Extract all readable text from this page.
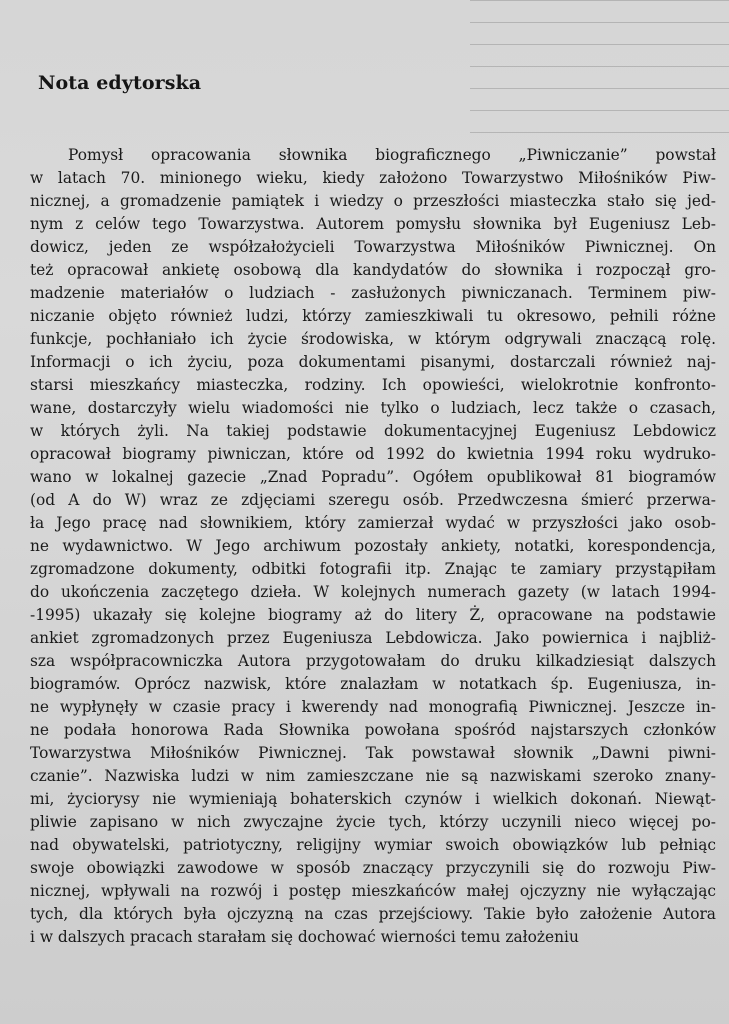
Nota edytorska
Pomysł opracowania słownika biograficznego „Piwniczanie” powstał
w latach 70. minionego wieku, kiedy założono Towarzystwo Miłośników Piw-
nicznej, a gromadzenie pamiątek i wiedzy o przeszłości miasteczka stało się jed-
nym z celów tego Towarzystwa. Autorem pomysłu słownika był Eugeniusz Leb-
dowicz, jeden ze współzałożycieli Towarzystwa Miłośników Piwnicznej. On
też opracował ankietę osobową dla kandydatów do słownika i rozpoczął gro-
madzenie materiałów o ludziach - zasłużonych piwniczanach. Terminem piw-
niczanie objęto również ludzi, którzy zamieszkiwali tu okresowo, pełnili różne
funkcje, pochłaniało ich życie środowiska, w którym odgrywali znaczącą rolę.
Informacji o ich życiu, poza dokumentami pisanymi, dostarczali również naj-
starsi mieszkańcy miasteczka, rodziny. Ich opowieści, wielokrotnie konfronto-
wane, dostarczyły wielu wiadomości nie tylko o ludziach, lecz także o czasach,
w których żyli. Na takiej podstawie dokumentacyjnej Eugeniusz Lebdowicz
opracował biogramy piwniczan, które od 1992 do kwietnia 1994 roku wydruko-
wano w lokalnej gazecie „Znad Popradu”. Ogółem opublikował 81 biogramów
(od A do W) wraz ze zdjęciami szeregu osób. Przedwczesna śmierć przerwa-
ła Jego pracę nad słownikiem, który zamierzał wydać w przyszłości jako osob-
ne wydawnictwo. W Jego archiwum pozostały ankiety, notatki, korespondencja,
zgromadzone dokumenty, odbitki fotografii itp. Znając te zamiary przystąpiłam
do ukończenia zaczętego dzieła. W kolejnych numerach gazety (w latach 1994-
-1995) ukazały się kolejne biogramy aż do litery Ż, opracowane na podstawie
ankiet zgromadzonych przez Eugeniusza Lebdowicza. Jako powiernica i najbliż-
sza współpracowniczka Autora przygotowałam do druku kilkadziesiąt dalszych
biogramów. Oprócz nazwisk, które znalazłam w notatkach śp. Eugeniusza, in-
ne wypłynęły w czasie pracy i kwerendy nad monografią Piwnicznej. Jeszcze in-
ne podała honorowa Rada Słownika powołana spośród najstarszych członków
Towarzystwa Miłośników Piwnicznej. Tak powstawał słownik „Dawni piwni-
czanie”. Nazwiska ludzi w nim zamieszczane nie są nazwiskami szeroko znany-
mi, życiorysy nie wymieniają bohaterskich czynów i wielkich dokonań. Niewąt-
pliwie zapisano w nich zwyczajne życie tych, którzy uczynili nieco więcej po-
nad obywatelski, patriotyczny, religijny wymiar swoich obowiązków lub pełniąc
swoje obowiązki zawodowe w sposób znaczący przyczynili się do rozwoju Piw-
nicznej, wpływali na rozwój i postęp mieszkańców małej ojczyzny nie wyłączając
tych, dla których była ojczyzną na czas przejściowy. Takie było założenie Autora
i w dalszych pracach starałam się dochować wierności temu założeniu
